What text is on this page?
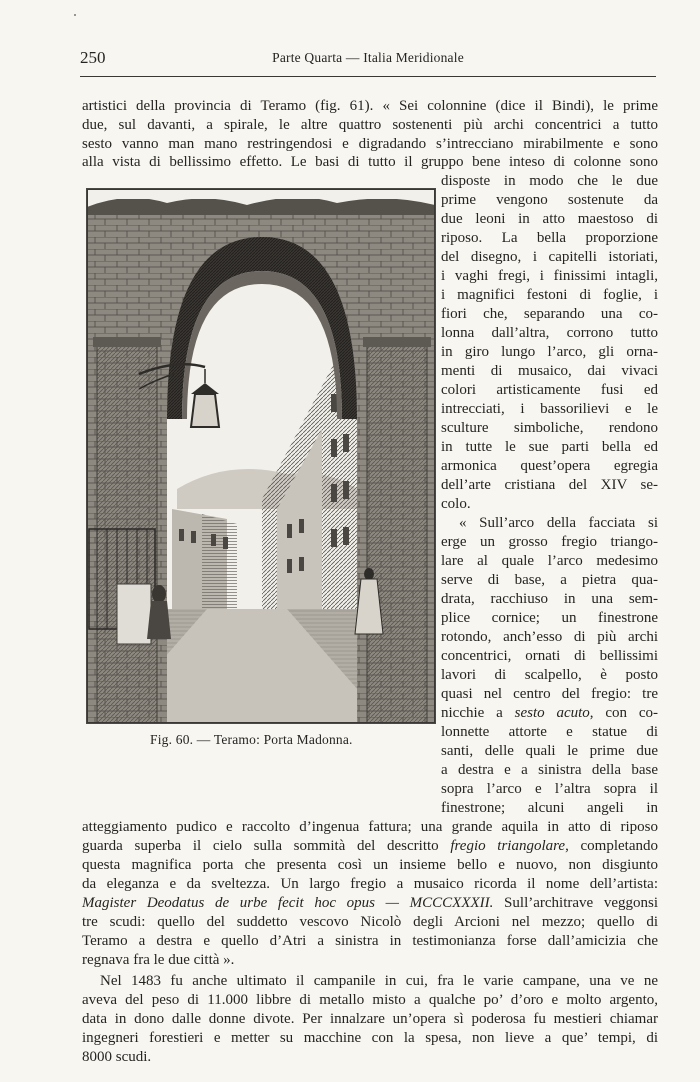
250	Parte Quarta — Italia Meridionale
artistici della provincia di Teramo (fig. 61). « Sei colonnine (dice il Bindi), le prime
due, sul davanti, a spirale, le altre quattro sostenenti più archi concentrici a tutto
sesto vanno man mano restringendosi e digradando s’intrecciano mirabilmente e sono
alla vista di bellissimo effetto. Le basi di tutto il gruppo bene inteso di colonne sono
Fig. 60. — Teramo: Porta Madonna.
disposte in modo che le due
prime vengono sostenute da
due leoni in atto maestoso di
riposo. La bella proporzione
del disegno, i capitelli istoriati,
i vaghi fregi, i finissimi intagli,
i magnifici festoni di foglie, i
fiori che, separando una co-
lonna dall’altra, corrono tutto
in giro lungo l’arco, gli orna-
menti di musaico, dai vivaci
colori artisticamente fusi ed
intrecciati, i bassorilievi e le
sculture simboliche, rendono
in tutte le sue parti bella ed
armonica quest’opera egregia
dell’arte cristiana del XIV se-
colo.
« Sull’arco della facciata si
erge un grosso fregio triango-
lare al quale l’arco medesimo
serve di base, a pietra qua-
drata, racchiuso in una sem-
plice cornice; un finestrone
rotondo, anch’esso di più archi
concentrici, ornati di bellissimi
lavori di scalpello, è posto
quasi nel centro del fregio: tre
nicchie a sesto acuto, con co-
lonnette attorte e statue di
santi, delle quali le prime due
a destra e a sinistra della base
sopra l’arco e l’altra sopra il
finestrone; alcuni angeli in
atteggiamento pudico e raccolto d’ingenua fattura; una grande aquila in atto di riposo
guarda superba il cielo sulla sommità del descritto fregio triangolare, completando
questa magnifica porta che presenta così un insieme bello e nuovo, non disgiunto
da eleganza e da sveltezza. Un largo fregio a musaico ricorda il nome dell’artista:
Magister Deodatus de urbe fecit hoc opus — MCCCXXXII. Sull’architrave veggonsi
tre scudi: quello del suddetto vescovo Nicolò degli Arcioni nel mezzo; quello di
Teramo a destra e quello d’Atri a sinistra in testimonianza forse dall’amicizia che
regnava fra le due città ».
Nel 1483 fu anche ultimato il campanile in cui, fra le varie campane, una ve ne
aveva del peso di 11.000 libbre di metallo misto a qualche po’ d’oro e molto argento,
data in dono dalle donne divote. Per innalzare un’opera sì poderosa fu mestieri chiamar
ingegneri forestieri e metter su macchine con la spesa, non lieve a que’ tempi, di
8000 scudi.
